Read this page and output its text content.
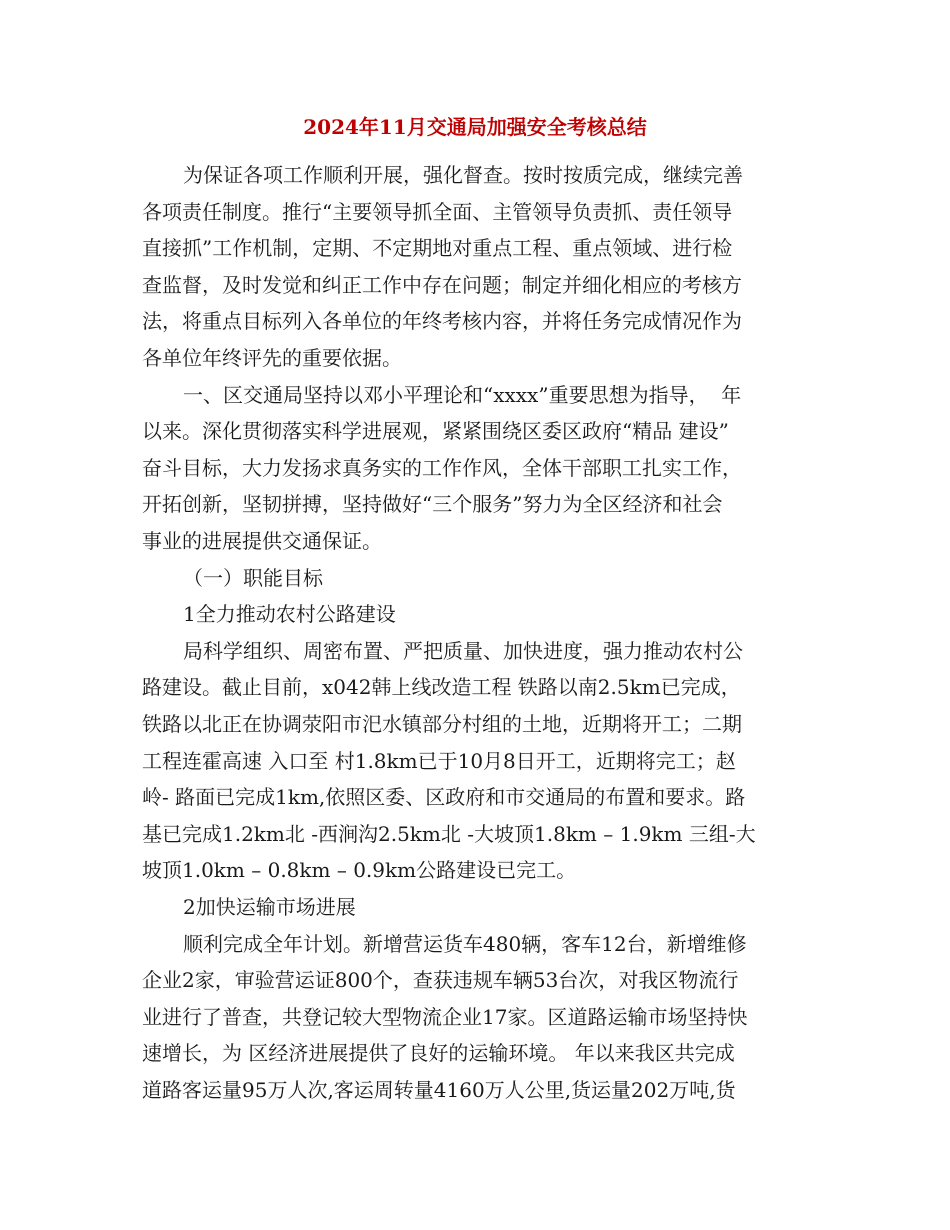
2024年11月交通局加强安全考核总结

为保证各项工作顺利开展，强化督查。按时按质完成，继续完善

各项责任制度。推行“主要领导抓全面、主管领导负责抓、责任领导

直接抓”工作机制，定期、不定期地对重点工程、重点领域、进行检

查监督，及时发觉和纠正工作中存在问题；制定并细化相应的考核方

法，将重点目标列入各单位的年终考核内容，并将任务完成情况作为

各单位年终评先的重要依据。

一、区交通局坚持以邓小平理论和“xxxx”重要思想为指导，  年

以来。深化贯彻落实科学进展观，紧紧围绕区委区政府“精品 建设”

奋斗目标，大力发扬求真务实的工作作风，全体干部职工扎实工作，

开拓创新，坚韧拼搏，坚持做好“三个服务”努力为全区经济和社会

事业的进展提供交通保证。

（一）职能目标

1全力推动农村公路建设

局科学组织、周密布置、严把质量、加快进度，强力推动农村公

路建设。截止目前，x042韩上线改造工程 铁路以南2.5km已完成，

铁路以北正在协调荥阳市汜水镇部分村组的土地，近期将开工；二期

工程连霍高速 入口至 村1.8km已于10月8日开工，近期将完工；赵

岭- 路面已完成1km,依照区委、区政府和市交通局的布置和要求。路

基已完成1.2km北 -西涧沟2.5km北 -大坡顶1.8km – 1.9km 三组-大

坡顶1.0km – 0.8km – 0.9km公路建设已完工。

2加快运输市场进展

顺利完成全年计划。新增营运货车480辆，客车12台，新增维修

企业2家，审验营运证800个，查获违规车辆53台次，对我区物流行

业进行了普查，共登记较大型物流企业17家。区道路运输市场坚持快

速增长，为 区经济进展提供了良好的运输环境。 年以来我区共完成

道路客运量95万人次,客运周转量4160万人公里,货运量202万吨,货
